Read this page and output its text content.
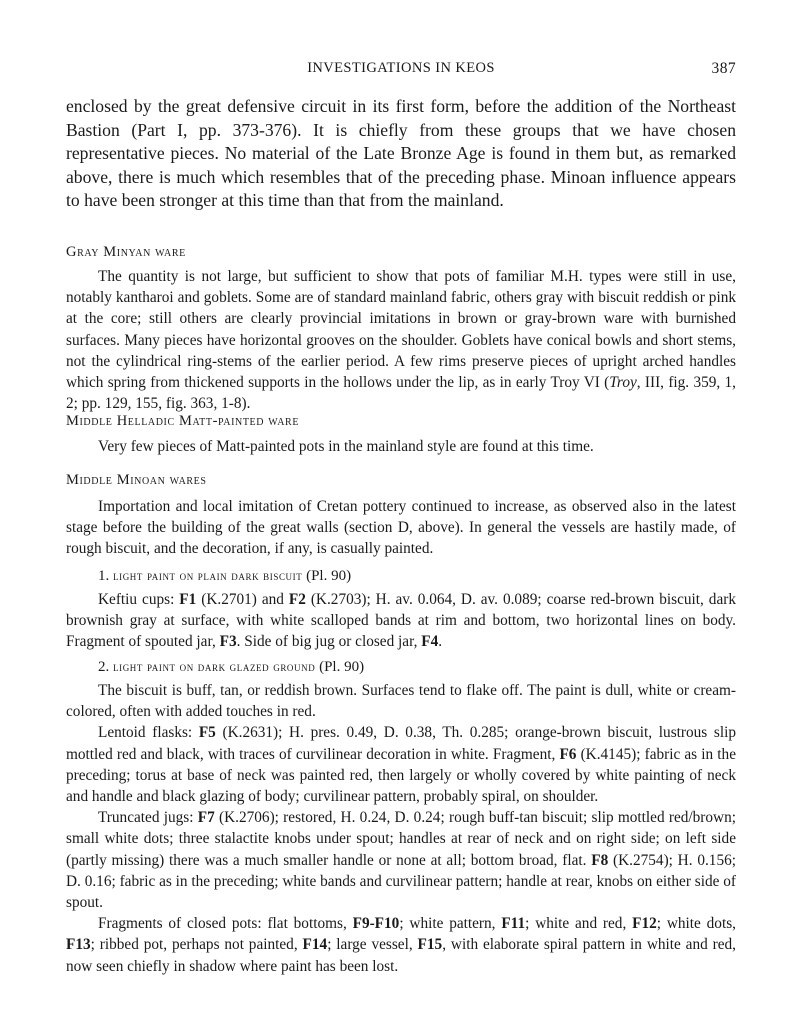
INVESTIGATIONS IN KEOS	387

enclosed by the great defensive circuit in its first form, before the addition of the Northeast Bastion (Part I, pp. 373-376). It is chiefly from these groups that we have chosen representative pieces. No material of the Late Bronze Age is found in them but, as remarked above, there is much which resembles that of the preceding phase. Minoan influence appears to have been stronger at this time than that from the mainland.

Gray Minyan ware

The quantity is not large, but sufficient to show that pots of familiar M.H. types were still in use, notably kantharoi and goblets. Some are of standard mainland fabric, others gray with biscuit reddish or pink at the core; still others are clearly provincial imitations in brown or gray-brown ware with burnished surfaces. Many pieces have horizontal grooves on the shoulder. Goblets have conical bowls and short stems, not the cylindrical ring-stems of the earlier period. A few rims preserve pieces of upright arched handles which spring from thickened supports in the hollows under the lip, as in early Troy VI (Troy, III, fig. 359, 1, 2; pp. 129, 155, fig. 363, 1-8).

Middle Helladic Matt-painted ware

Very few pieces of Matt-painted pots in the mainland style are found at this time.

Middle Minoan wares

Importation and local imitation of Cretan pottery continued to increase, as observed also in the latest stage before the building of the great walls (section D, above). In general the vessels are hastily made, of rough biscuit, and the decoration, if any, is casually painted.

1. light paint on plain dark biscuit (Pl. 90)

Keftiu cups: F1 (K.2701) and F2 (K.2703); H. av. 0.064, D. av. 0.089; coarse red-brown biscuit, dark brownish gray at surface, with white scalloped bands at rim and bottom, two horizontal lines on body. Fragment of spouted jar, F3. Side of big jug or closed jar, F4.

2. light paint on dark glazed ground (Pl. 90)

The biscuit is buff, tan, or reddish brown. Surfaces tend to flake off. The paint is dull, white or cream-colored, often with added touches in red.

Lentoid flasks: F5 (K.2631); H. pres. 0.49, D. 0.38, Th. 0.285; orange-brown biscuit, lustrous slip mottled red and black, with traces of curvilinear decoration in white. Fragment, F6 (K.4145); fabric as in the preceding; torus at base of neck was painted red, then largely or wholly covered by white painting of neck and handle and black glazing of body; curvilinear pattern, probably spiral, on shoulder.

Truncated jugs: F7 (K.2706); restored, H. 0.24, D. 0.24; rough buff-tan biscuit; slip mottled red/brown; small white dots; three stalactite knobs under spout; handles at rear of neck and on right side; on left side (partly missing) there was a much smaller handle or none at all; bottom broad, flat. F8 (K.2754); H. 0.156; D. 0.16; fabric as in the preceding; white bands and curvilinear pattern; handle at rear, knobs on either side of spout.

Fragments of closed pots: flat bottoms, F9-F10; white pattern, F11; white and red, F12; white dots, F13; ribbed pot, perhaps not painted, F14; large vessel, F15, with elaborate spiral pattern in white and red, now seen chiefly in shadow where paint has been lost.
